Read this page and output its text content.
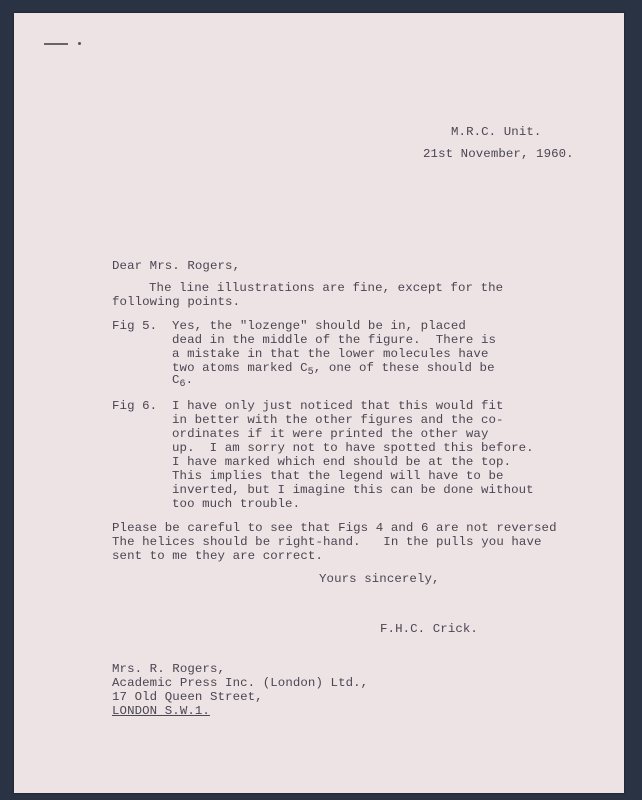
M.R.C. Unit.
21st November, 1960.
Dear Mrs. Rogers,
The line illustrations are fine, except for the
following points.
Fig 5. Yes, the "lozenge" should be in, placed
dead in the middle of the figure.  There is
a mistake in that the lower molecules have
two atoms marked $C_5$, one of these should be
$C_6$.
Fig 6. I have only just noticed that this would fit
in better with the other figures and the co-
ordinates if it were printed the other way
up.  I am sorry not to have spotted this before.
I have marked which end should be at the top.
This implies that the legend will have to be
inverted, but I imagine this can be done without
too much trouble.
Please be careful to see that Figs 4 and 6 are not reversed
The helices should be right-hand.   In the pulls you have
sent to me they are correct.
Yours sincerely,
F.H.C. Crick.
Mrs. R. Rogers,
Academic Press Inc. (London) Ltd.,
17 Old Queen Street,
LONDON S.W.1.
